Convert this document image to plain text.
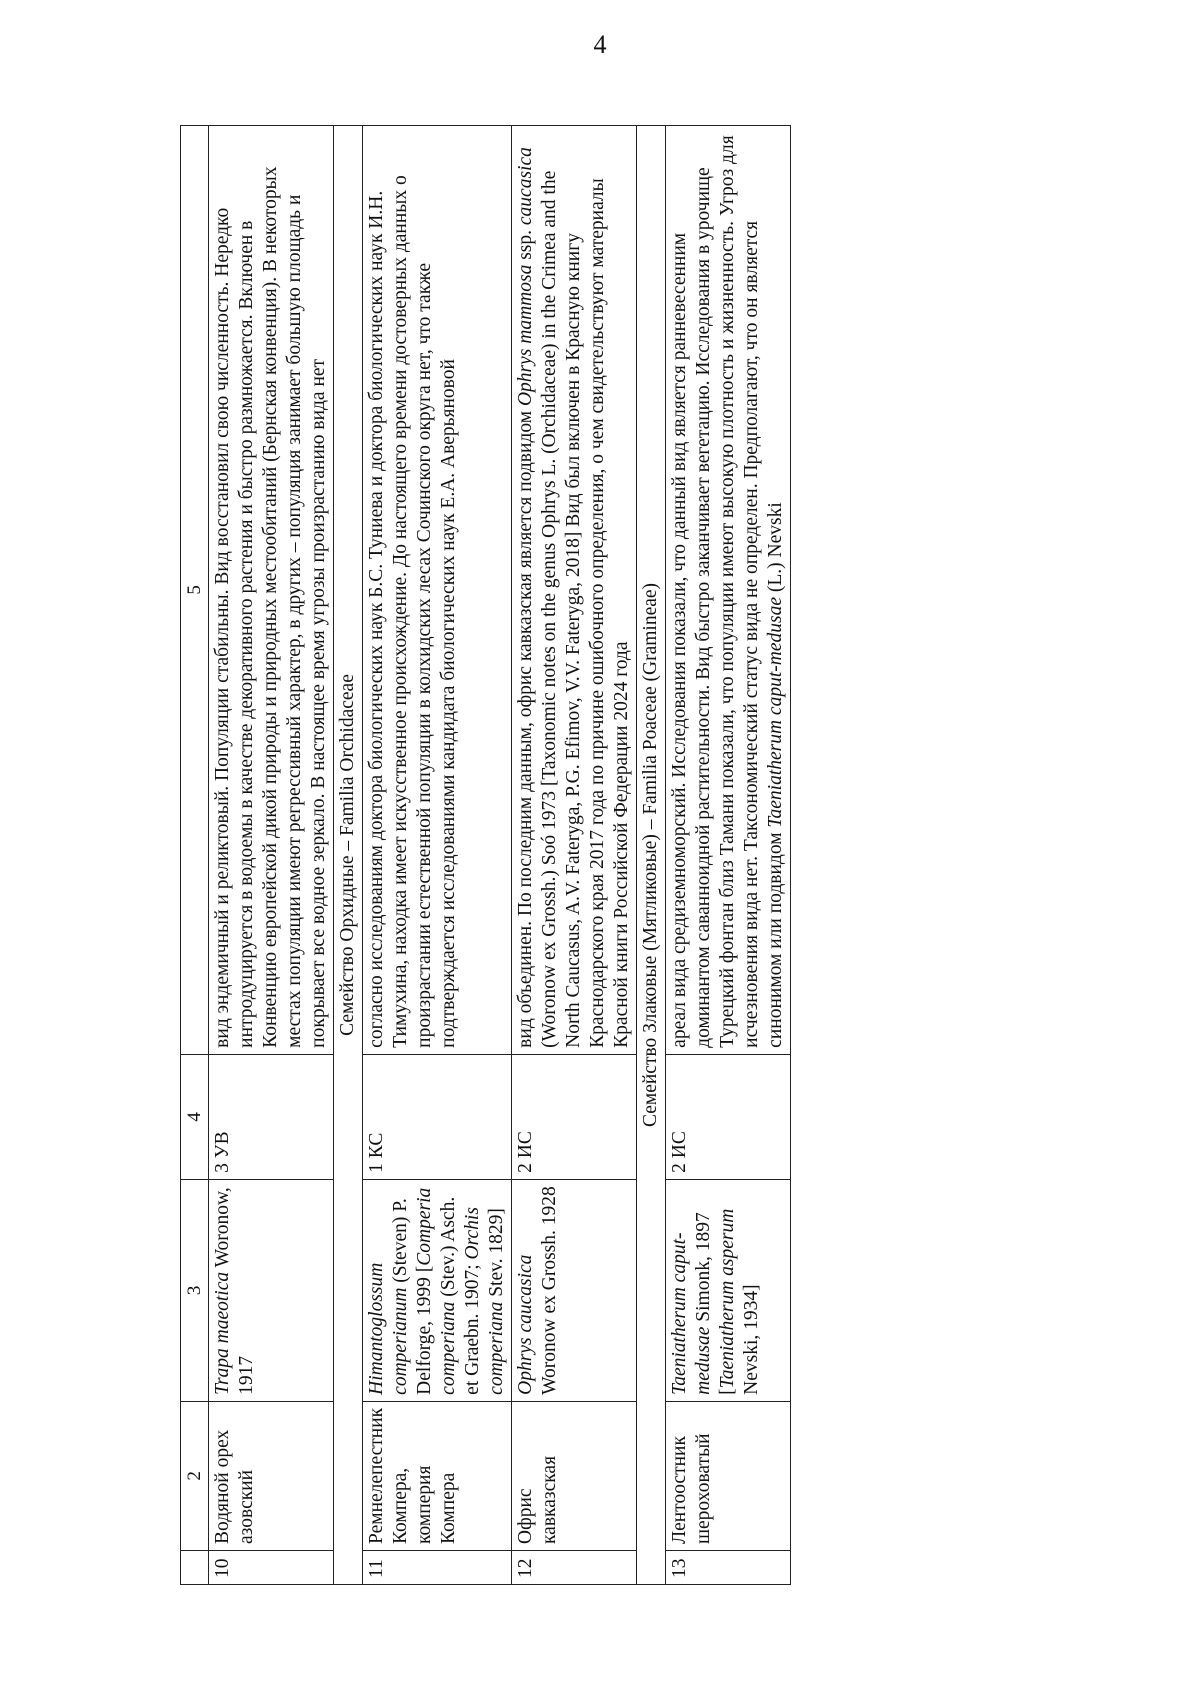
4
	2	3	4	5
10	Водяной орех азовский	Trapa maeotica Woronow, 1917	3 УВ	вид эндемичный и реликтовый. Популяции стабильны. Вид восстановил свою численность. Нередко интродуцируется в водоемы в качестве декоративного растения и быстро размножается. Включен в Конвенцию европейской дикой природы и природных местообитаний (Бернская конвенция). В некоторых местах популяции имеют регрессивный характер, в других – популяция занимает большую площадь и покрывает все водное зеркало. В настоящее время угрозы произрастанию вида нет
Семейство Орхидные – Familia Orchidaceae				
11	Ремнелепестник Компера, комперия Компера	Himantoglossum comperianum (Steven) P. Delforge, 1999 [Comperia comperiana (Stev.) Asch. et Graebn. 1907; Orchis comperiana Stev. 1829]	1 КС	согласно исследованиям доктора биологических наук Б.С. Туниева и доктора биологических наук И.Н. Тимухина, находка имеет искусственное происхождение. До настоящего времени достоверных данных о произрастании естественной популяции в колхидских лесах Сочинского округа нет, что также подтверждается исследованиями кандидата биологических наук Е.А. Аверьяновой
12	Офрис кавказская	Ophrys caucasica Woronow ex Grossh. 1928	2 ИС	вид объединен. По последним данным, офрис кавказская является подвидом Ophrys mammosa ssp. caucasica (Woronow ex Grossh.) Soó 1973 [Taxonomic notes on the genus Ophrys L. (Orchidaceae) in the Crimea and the North Caucasus, A.V. Fateryga, P.G. Efimov, V.V. Fateryga, 2018] Вид был включен в Красную книгу Краснодарского края 2017 года по причине ошибочного определения, о чем свидетельствуют материалы Красной книги Российской Федерации 2024 года
Семейство Злаковые (Мятликовые) – Familia Poaceae (Gramineae)				
13	Лентоостник шероховатый	Taeniatherum caput-medusae Simonk, 1897 [Taeniatherum asperum Nevski, 1934]	2 ИС	ареал вида средиземноморский. Исследования показали, что данный вид является ранневесенним доминантом саванноидной растительности. Вид быстро заканчивает вегетацию. Исследования в урочище Турецкий фонтан близ Тамани показали, что популяции имеют высокую плотность и жизненность. Угроз для исчезновения вида нет. Таксономический статус вида не определен. Предполагают, что он является синонимом или подвидом Taeniatherum caput-medusae (L.) Nevski
